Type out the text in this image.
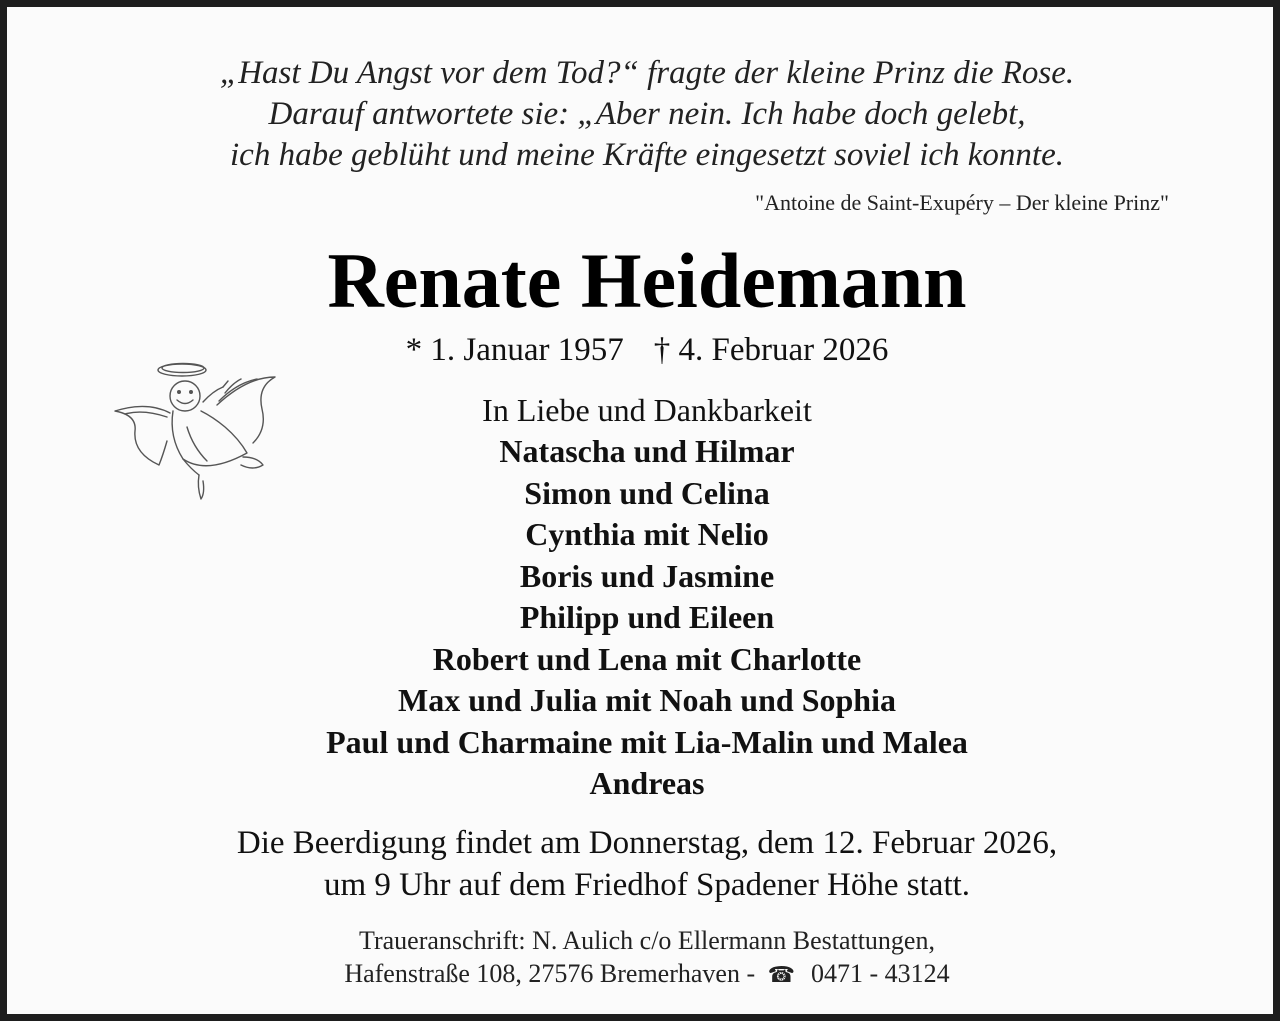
„Hast Du Angst vor dem Tod?“ fragte der kleine Prinz die Rose.
Darauf antwortete sie: „Aber nein. Ich habe doch gelebt,
ich habe geblüht und meine Kräfte eingesetzt soviel ich konnte.
"Antoine de Saint-Exupéry – Der kleine Prinz"
Renate Heidemann
* 1. Januar 1957 † 4. Februar 2026
In Liebe und Dankbarkeit
Natascha und Hilmar
Simon und Celina
Cynthia mit Nelio
Boris und Jasmine
Philipp und Eileen
Robert und Lena mit Charlotte
Max und Julia mit Noah und Sophia
Paul und Charmaine mit Lia-Malin und Malea
Andreas
Die Beerdigung findet am Donnerstag, dem 12. Februar 2026,
um 9 Uhr auf dem Friedhof Spadener Höhe statt.
Traueranschrift: N. Aulich c/o Ellermann Bestattungen,
Hafenstraße 108, 27576 Bremerhaven - ☎ 0471 - 43124
